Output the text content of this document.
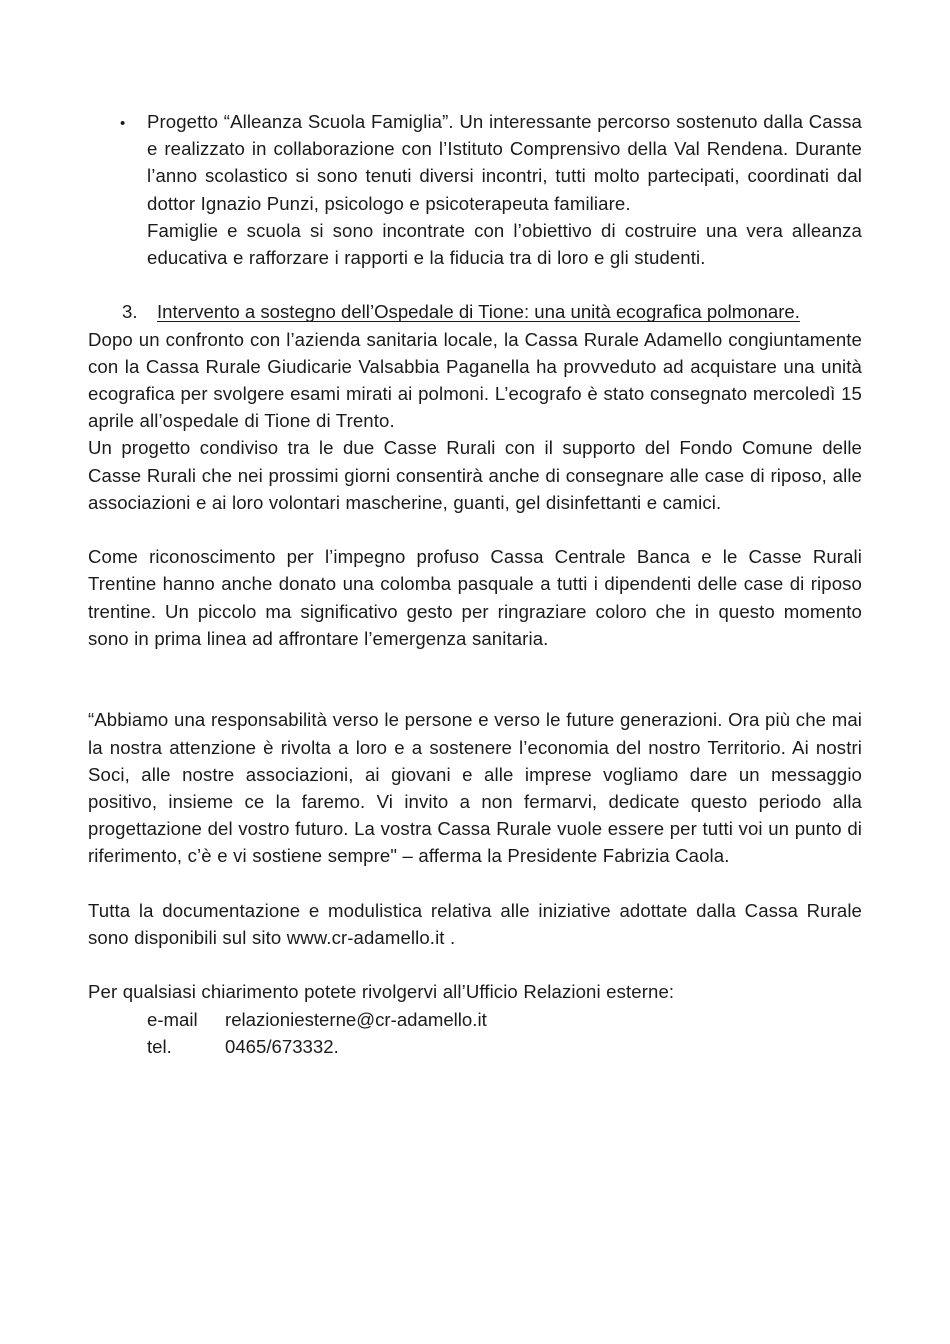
•

Progetto “Alleanza Scuola Famiglia”. Un interessante percorso sostenuto dalla Cassa e realizzato in collaborazione con l’Istituto Comprensivo della Val Rendena. Durante l’anno scolastico si sono tenuti diversi incontri, tutti molto partecipati, coordinati dal dottor Ignazio Punzi, psicologo e psicoterapeuta familiare.

Famiglie e scuola si sono incontrate con l’obiettivo di costruire una vera alleanza educativa e rafforzare i rapporti e la fiducia tra di loro e gli studenti.

3. Intervento a sostegno dell’Ospedale di Tione: una unità ecografica polmonare.

Dopo un confronto con l’azienda sanitaria locale, la Cassa Rurale Adamello congiuntamente con la Cassa Rurale Giudicarie Valsabbia Paganella ha provveduto ad acquistare una unità ecografica per svolgere esami mirati ai polmoni. L’ecografo è stato consegnato mercoledì 15 aprile all’ospedale di Tione di Trento.

Un progetto condiviso tra le due Casse Rurali con il supporto del Fondo Comune delle Casse Rurali che nei prossimi giorni consentirà anche di consegnare alle case di riposo, alle associazioni e ai loro volontari mascherine, guanti, gel disinfettanti e camici.

Come riconoscimento per l’impegno profuso Cassa Centrale Banca e le Casse Rurali Trentine hanno anche donato una colomba pasquale a tutti i dipendenti delle case di riposo trentine. Un piccolo ma significativo gesto per ringraziare coloro che in questo momento sono in prima linea ad affrontare l’emergenza sanitaria.

“Abbiamo una responsabilità verso le persone e verso le future generazioni. Ora più che mai la nostra attenzione è rivolta a loro e a sostenere l’economia del nostro Territorio. Ai nostri Soci, alle nostre associazioni, ai giovani e alle imprese vogliamo dare un messaggio positivo, insieme ce la faremo. Vi invito a non fermarvi, dedicate questo periodo alla progettazione del vostro futuro. La vostra Cassa Rurale vuole essere per tutti voi un punto di riferimento, c’è e vi sostiene sempre" – afferma la Presidente Fabrizia Caola.

Tutta la documentazione e modulistica relativa alle iniziative adottate dalla Cassa Rurale sono disponibili sul sito www.cr-adamello.it .

Per qualsiasi chiarimento potete rivolgervi all’Ufficio Relazioni esterne:

e-mail	relazioniesterne@cr-adamello.it
tel.	0465/673332.
